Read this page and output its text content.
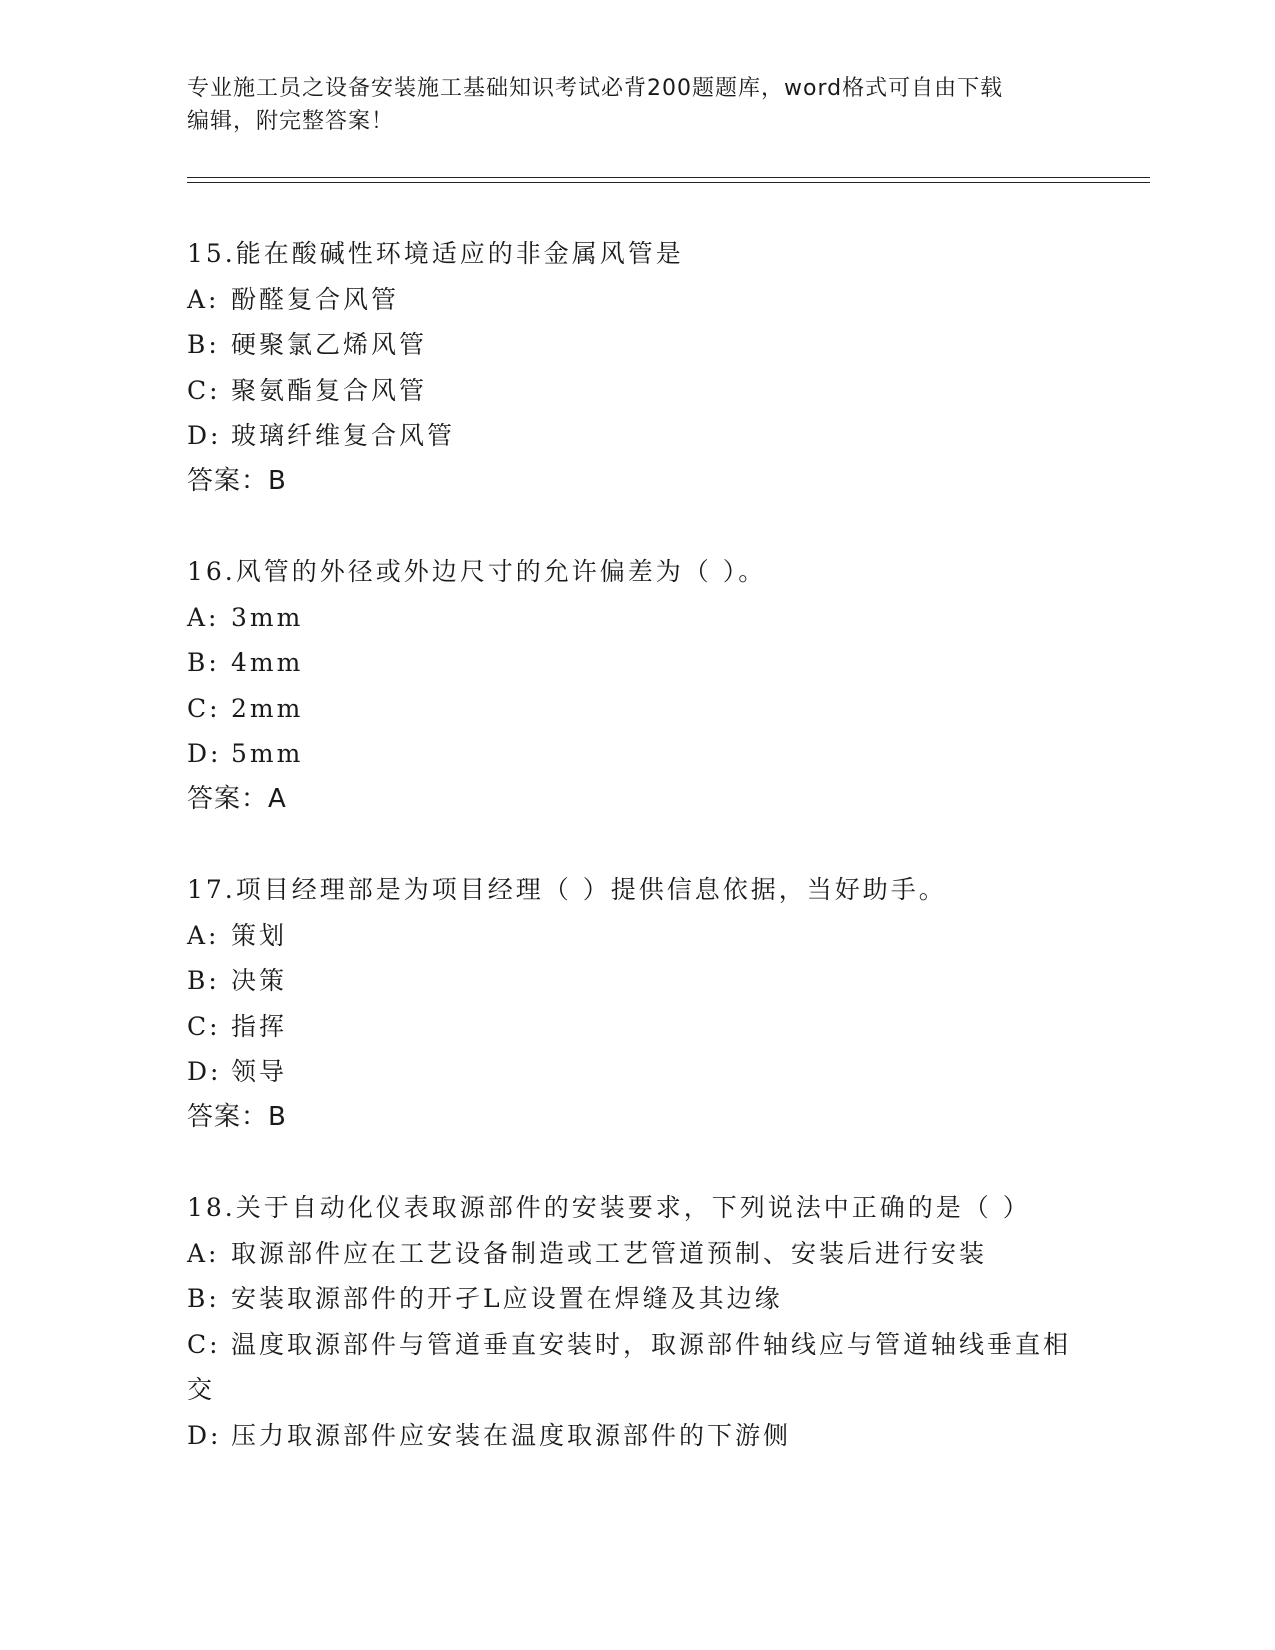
专业施工员之设备安装施工基础知识考试必背200题题库，word格式可自由下载
编辑，附完整答案！
15.能在酸碱性环境适应的非金属风管是
A: 酚醛复合风管
B: 硬聚氯乙烯风管
C: 聚氨酯复合风管
D: 玻璃纤维复合风管
答案：B
16.风管的外径或外边尺寸的允许偏差为（ ）。
A: 3mm
B: 4mm
C: 2mm
D: 5mm
答案：A
17.项目经理部是为项目经理（ ）提供信息依据，当好助手。
A: 策划
B: 决策
C: 指挥
D: 领导
答案：B
18.关于自动化仪表取源部件的安装要求，下列说法中正确的是（ ）
A: 取源部件应在工艺设备制造或工艺管道预制、安装后进行安装
B: 安装取源部件的开孑L应设置在焊缝及其边缘
C: 温度取源部件与管道垂直安装时，取源部件轴线应与管道轴线垂直相交
D: 压力取源部件应安装在温度取源部件的下游侧
